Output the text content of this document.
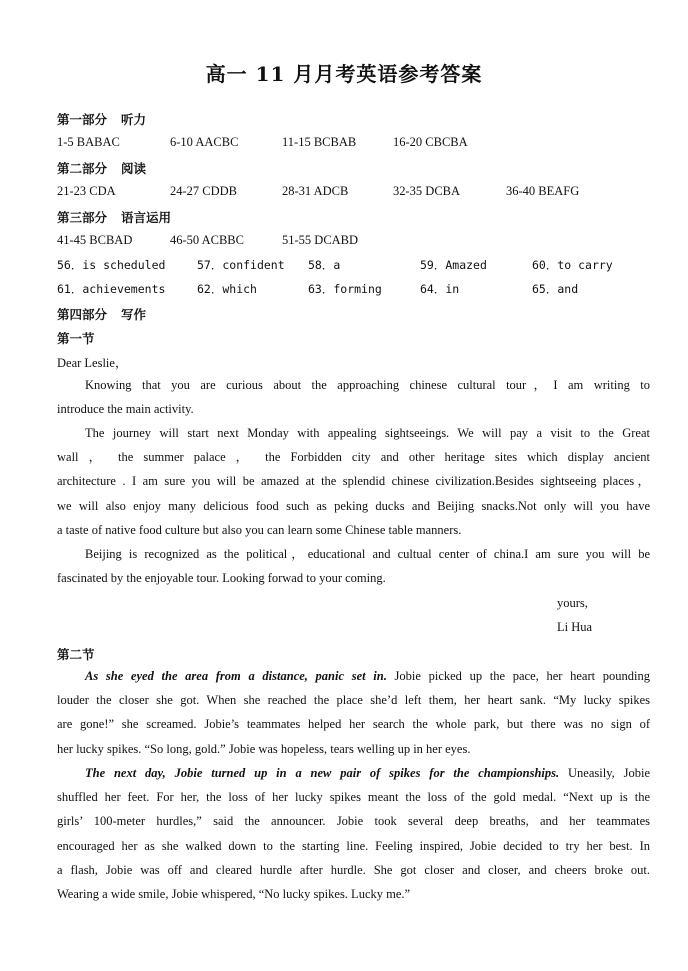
高一 11 月月考英语参考答案
第一部分 听力
1-5 BABAC	6-10 AACBC	11-15 BCBAB	16-20 CBCBA
第二部分 阅读
21-23 CDA	24-27 CDDB	28-31 ADCB	32-35 DCBA	36-40 BEAFG
第三部分 语言运用
41-45 BCBAD	46-50 ACBBC	51-55 DCABD
56．is scheduled	57．confident 58．a	59．Amazed	60．to carry
61．achievements	62．which	63．forming	64．in	65．and
第四部分 写作
第一节
Dear Leslie，
Knowing that you are curious about the approaching chinese cultural tour，I am writing to
introduce the main activity.
The journey will start next Monday with appealing sightseeings. We will pay a visit to the Great
wall ， the summer palace ， the Forbidden city and other heritage sites which display ancient
architecture . I am sure you will be amazed at the splendid chinese civilization.Besides sightseeing places，
we will also enjoy many delicious food such as peking ducks and Beijing snacks.Not only will you have
a taste of native food culture but also you can learn some Chinese table manners.
Beijing is recognized as the political，educational and cultual center of china.I am sure you will be
fascinated by the enjoyable tour. Looking forwad to your coming.
yours,
Li Hua
第二节
As she eyed the area from a distance, panic set in. Jobie picked up the pace, her heart pounding
louder the closer she got. When she reached the place she’d left them, her heart sank. “My lucky spikes
are gone!” she screamed. Jobie’s teammates helped her search the whole park, but there was no sign of
her lucky spikes. “So long, gold.” Jobie was hopeless, tears welling up in her eyes.
The next day, Jobie turned up in a new pair of spikes for the championships. Uneasily, Jobie
shuffled her feet. For her, the loss of her lucky spikes meant the loss of the gold medal. “Next up is the
girls’ 100-meter hurdles,” said the announcer. Jobie took several deep breaths, and her teammates
encouraged her as she walked down to the starting line. Feeling inspired, Jobie decided to try her best. In
a flash, Jobie was off and cleared hurdle after hurdle. She got closer and closer, and cheers broke out.
Wearing a wide smile, Jobie whispered, “No lucky spikes. Lucky me.”
